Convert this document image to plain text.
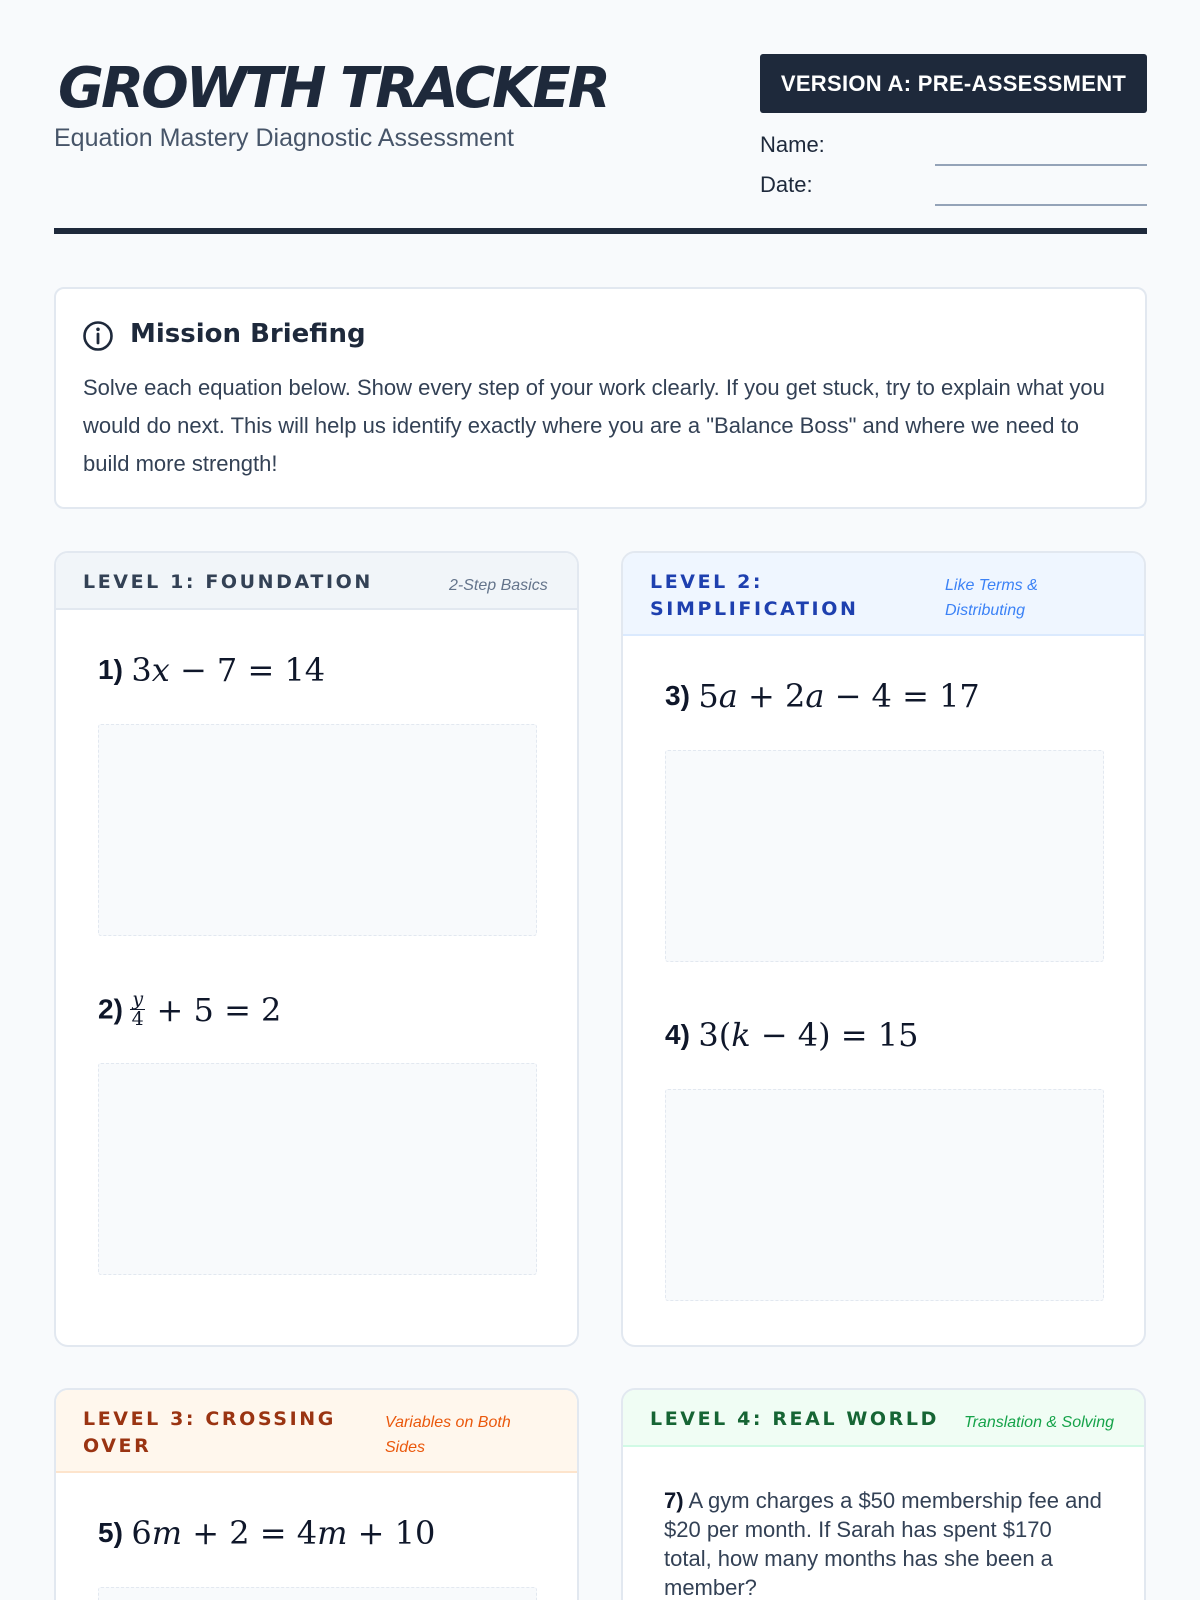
GROWTH TRACKER
Equation Mastery Diagnostic Assessment
VERSION A: PRE-ASSESSMENT
Name:
Date:
Mission Briefing
Solve each equation below. Show every step of your work clearly. If you get stuck, try to explain what you would do next. This will help us identify exactly where you are a "Balance Boss" and where we need to build more strength!
LEVEL 1: FOUNDATION	2-Step Basics
1) 3x − 7 = 14
$2) \frac{y}{4} + 5 = 2$
LEVEL 2: SIMPLIFICATION
Like Terms & Distributing
3) 5a + 2a − 4 = 17
4) 3(k − 4) = 15
LEVEL 3: CROSSING OVER
Variables on Both Sides
5) 6m + 2 = 4m + 10
LEVEL 4: REAL WORLD	Translation & Solving
7) A gym charges a $50 membership fee and $20 per month. If Sarah has spent $170 total, how many months has she been a member?
